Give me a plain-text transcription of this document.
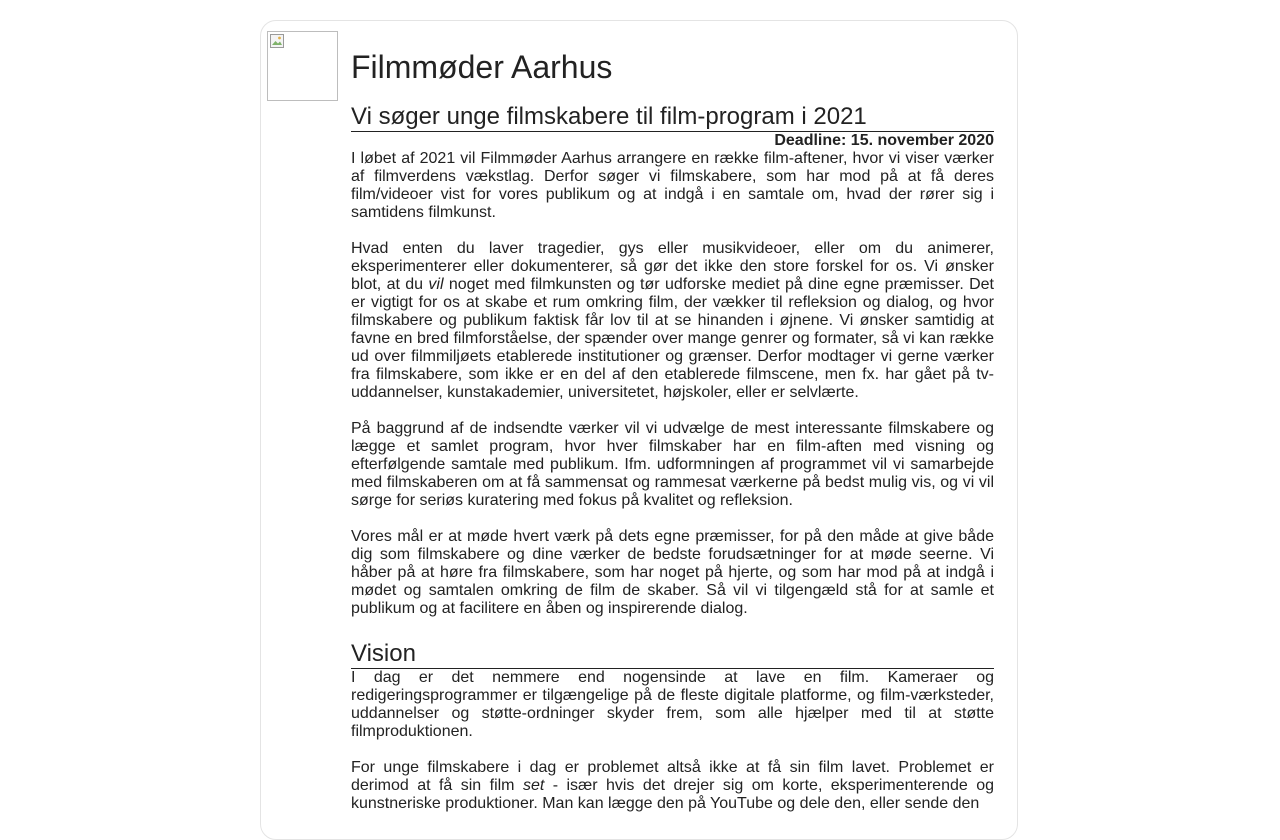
Filmmøder Aarhus
Vi søger unge filmskabere til film-program i 2021
Deadline: 15. november 2020

I løbet af 2021 vil Filmmøder Aarhus arrangere en række film-aftener, hvor vi viser værker af filmverdens vækstlag. Derfor søger vi filmskabere, som har mod på at få deres film/videoer vist for vores publikum og at indgå i en samtale om, hvad der rører sig i samtidens filmkunst.

Hvad enten du laver tragedier, gys eller musikvideoer, eller om du animerer, eksperimenterer eller dokumenterer, så gør det ikke den store forskel for os. Vi ønsker blot, at du vil noget med filmkunsten og tør udforske mediet på dine egne præmisser. Det er vigtigt for os at skabe et rum omkring film, der vækker til refleksion og dialog, og hvor filmskabere og publikum faktisk får lov til at se hinanden i øjnene. Vi ønsker samtidig at favne en bred filmforståelse, der spænder over mange genrer og formater, så vi kan række ud over filmmiljøets etablerede institutioner og grænser. Derfor modtager vi gerne værker fra filmskabere, som ikke er en del af den etablerede filmscene, men fx. har gået på tv-uddannelser, kunstakademier, universitetet, højskoler, eller er selvlærte.

På baggrund af de indsendte værker vil vi udvælge de mest interessante filmskabere og lægge et samlet program, hvor hver filmskaber har en film-aften med visning og efterfølgende samtale med publikum. Ifm. udformningen af programmet vil vi samarbejde med filmskaberen om at få sammensat og rammesat værkerne på bedst mulig vis, og vi vil sørge for seriøs kuratering med fokus på kvalitet og refleksion.

Vores mål er at møde hvert værk på dets egne præmisser, for på den måde at give både dig som filmskabere og dine værker de bedste forudsætninger for at møde seerne. Vi håber på at høre fra filmskabere, som har noget på hjerte, og som har mod på at indgå i mødet og samtalen omkring de film de skaber. Så vil vi tilgengæld stå for at samle et publikum og at facilitere en åben og inspirerende dialog.

Vision

I dag er det nemmere end nogensinde at lave en film. Kameraer og redigeringsprogrammer er tilgængelige på de fleste digitale platforme, og film-værksteder, uddannelser og støtte-ordninger skyder frem, som alle hjælper med til at støtte filmproduktionen.

For unge filmskabere i dag er problemet altså ikke at få sin film lavet. Problemet er derimod at få sin film set - især hvis det drejer sig om korte, eksperimenterende og kunstneriske produktioner. Man kan lægge den på YouTube og dele den, eller sende den
